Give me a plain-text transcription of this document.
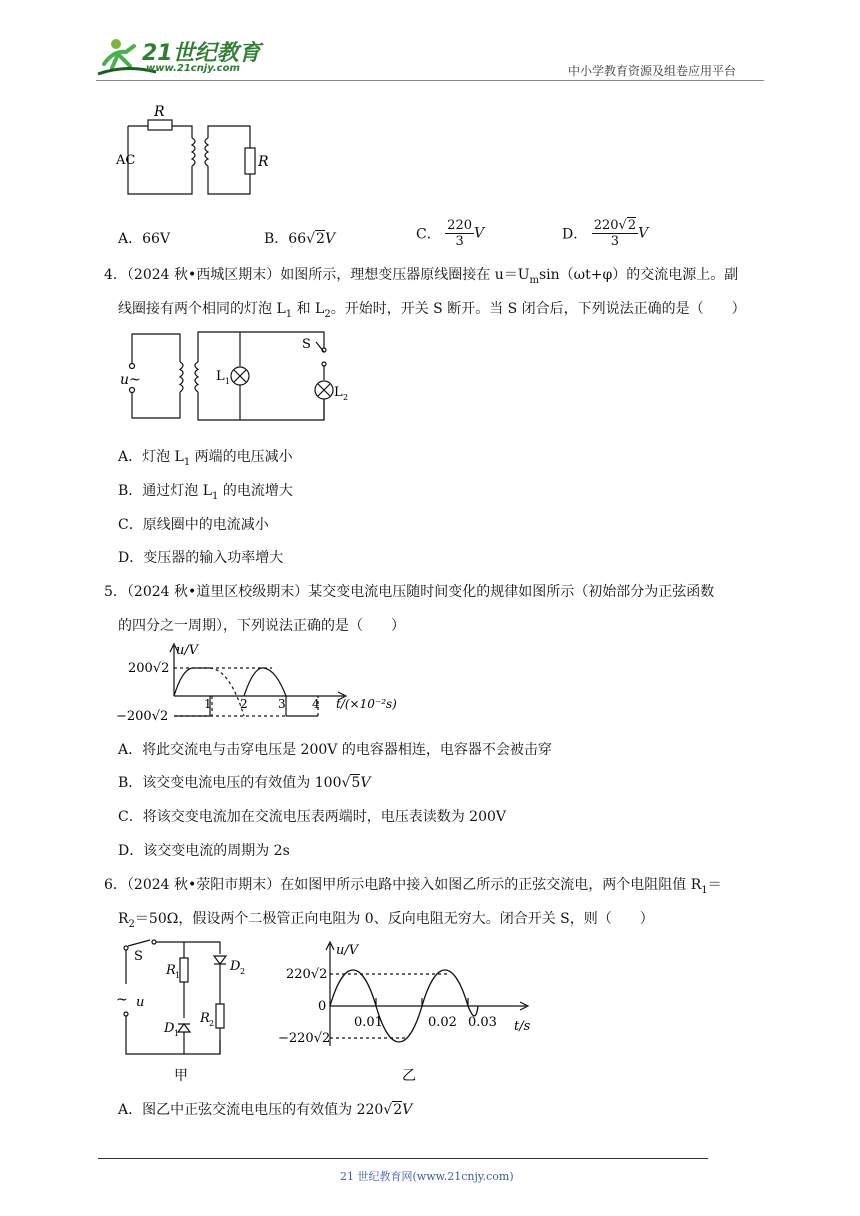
21世纪教育
www.21cnjy.com	中小学教育资源及组卷应用平台
R
AC	R
A．66V	B．66√2V	C． $\frac{220}{3}$ V	D． $\frac{220√2}{3}$ V
4．（2024 秋•西城区期末）如图所示，理想变压器原线圈接在 $u=U_m\sin(\omega t+\varphi)$的交流电源上。副
线圈接有两个相同的灯泡 $L_1$ 和 $L_2$。开始时，开关 S 断开。当 S 闭合后，下列说法正确的是（　　）
u~	L 1
L 2
S
A．灯泡 $L_1$ 两端的电压减小
B．通过灯泡 $L_1$ 的电流增大
C．原线圈中的电流减小
D．变压器的输入功率增大
5．（2024 秋•道里区校级期末）某交变电流电压随时间变化的规律如图所示（初始部分为正弦函数
的四分之一周期），下列说法正确的是（　　）
u/V
200√2
−200√2
1 2	3 4 t/(×10⁻²s)
A．将此交流电与击穿电压是 200V 的电容器相连，电容器不会被击穿
B．该交变电流电压的有效值为 100√5V
C．将该交变电流加在交流电压表两端时，电压表读数为 200V
D．该交变电流的周期为 2s
6．（2024 秋•荥阳市期末）在如图甲所示电路中接入如图乙所示的正弦交流电，两个电阻阻值 $R_1=$
$R_2=50\Omega$，假设两个二极管正向电阻为 0、反向电阻无穷大。闭合开关 S，则（　　）
S
~ u
R 1
D 1
D 2
R 2
甲
u/V
220√2
0
−220√2
0.01	0.02 0.03 t/s
乙
A．图乙中正弦交流电电压的有效值为 220√2V
21 世纪教育网(www.21cnjy.com)
